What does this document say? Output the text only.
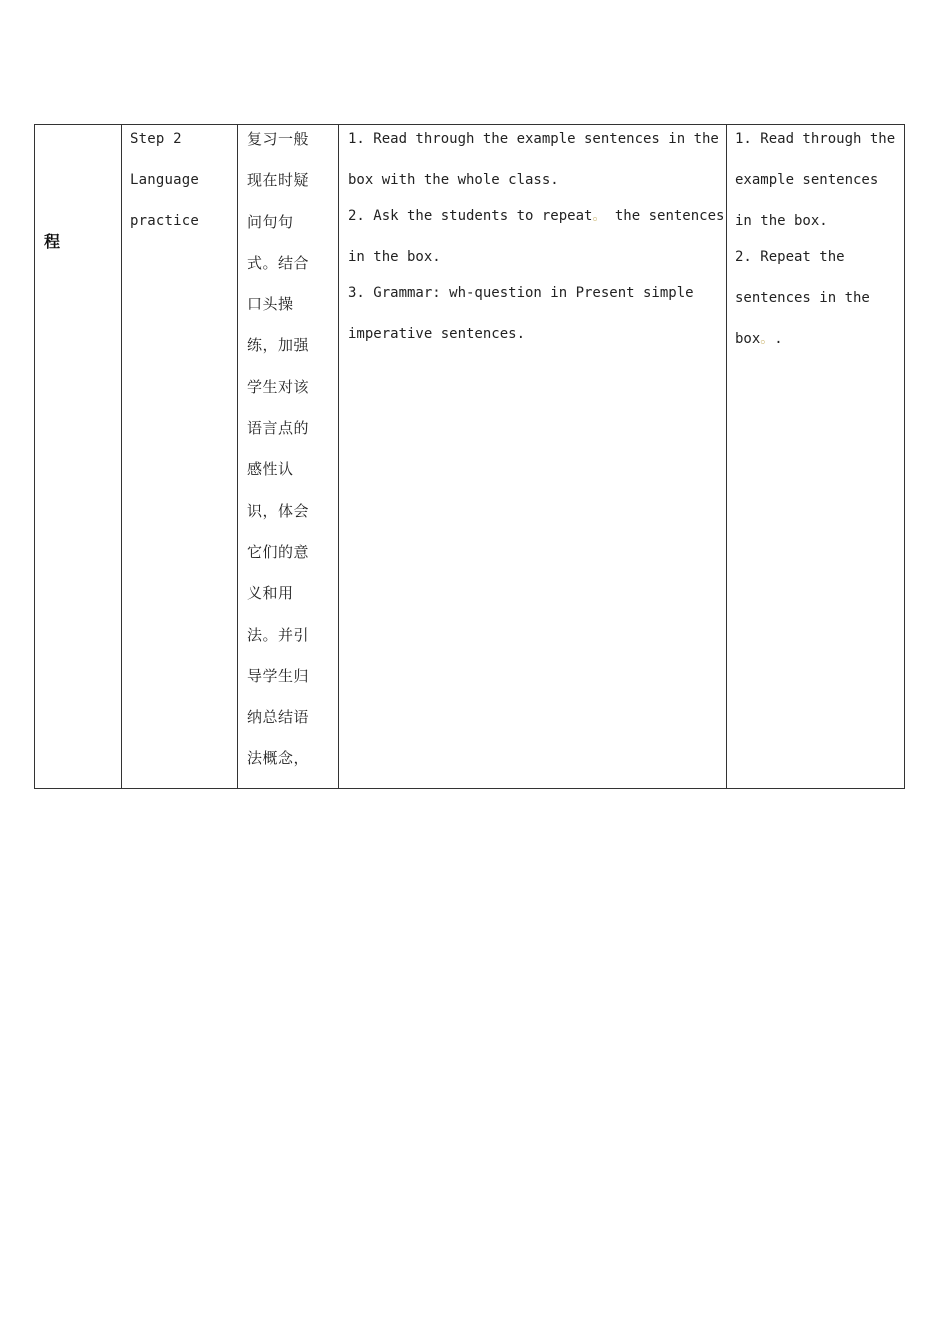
程

Step 2
Language
practice

复习一般
现在时疑
问句句
式。结合
口头操
练，加强
学生对该
语言点的
感性认
识，体会
它们的意
义和用
法。并引
导学生归
纳总结语
法概念，

1. Read through the example sentences in the
box with the whole class.
2. Ask the students to repeat。 the sentences
in the box.
3. Grammar: wh-question in Present simple
imperative sentences.

1. Read through the
example sentences
in the box.
2. Repeat the
sentences in the
box。.
